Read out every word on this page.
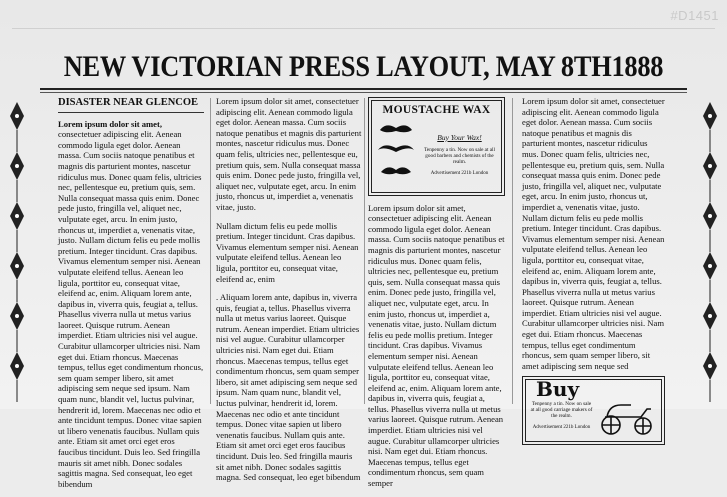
#D1451
NEW VICTORIAN PRESS LAYOUT, MAY 8TH1888
DISASTER NEAR GLENCOE

Lorem ipsum dolor sit amet, consectetuer adipiscing elit. Aenean commodo ligula eget dolor. Aenean massa. Cum sociis natoque penatibus et magnis dis parturient montes, nascetur ridiculus mus. Donec quam felis, ultricies nec, pellentesque eu, pretium quis, sem. Nulla consequat massa quis enim. Donec pede justo, fringilla vel, aliquet nec, vulputate eget, arcu. In enim justo, rhoncus ut, imperdiet a, venenatis vitae, justo. Nullam dictum felis eu pede mollis pretium. Integer tincidunt. Cras dapibus. Vivamus elementum semper nisi. Aenean vulputate eleifend tellus. Aenean leo ligula, porttitor eu, consequat vitae, eleifend ac, enim. Aliquam lorem ante, dapibus in, viverra quis, feugiat a, tellus. Phasellus viverra nulla ut metus varius laoreet. Quisque rutrum. Aenean imperdiet. Etiam ultricies nisi vel augue. Curabitur ullamcorper ultricies nisi. Nam eget dui. Etiam rhoncus. Maecenas tempus, tellus eget condimentum rhoncus, sem quam semper libero, sit amet adipiscing sem neque sed ipsum. Nam quam nunc, blandit vel, luctus pulvinar, hendrerit id, lorem. Maecenas nec odio et ante tincidunt tempus. Donec vitae sapien ut libero venenatis faucibus. Nullam quis ante. Etiam sit amet orci eget eros faucibus tincidunt. Duis leo. Sed fringilla mauris sit amet nibh. Donec sodales sagittis magna. Sed consequat, leo eget bibendum

Lorem ipsum dolor sit amet, consectetuer adipiscing elit. Aenean commodo ligula eget dolor. Aenean massa. Cum sociis natoque penatibus et magnis dis parturient montes, nascetur ridiculus mus. Donec quam felis, ultricies nec, pellentesque eu, pretium quis, sem. Nulla consequat massa quis enim. Donec pede justo, fringilla vel, aliquet nec, vulputate eget, arcu. In enim justo, rhoncus ut, imperdiet a, venenatis vitae, justo.

Nullam dictum felis eu pede mollis pretium. Integer tincidunt. Cras dapibus. Vivamus elementum semper nisi. Aenean vulputate eleifend tellus. Aenean leo ligula, porttitor eu, consequat vitae, eleifend ac, enim

. Aliquam lorem ante, dapibus in, viverra quis, feugiat a, tellus. Phasellus viverra nulla ut metus varius laoreet. Quisque rutrum. Aenean imperdiet. Etiam ultricies nisi vel augue. Curabitur ullamcorper ultricies nisi. Nam eget dui. Etiam rhoncus. Maecenas tempus, tellus eget condimentum rhoncus, sem quam semper libero, sit amet adipiscing sem neque sed ipsum. Nam quam nunc, blandit vel, luctus pulvinar, hendrerit id, lorem. Maecenas nec odio et ante tincidunt tempus. Donec vitae sapien ut libero venenatis faucibus. Nullam quis ante. Etiam sit amet orci eget eros faucibus tincidunt. Duis leo. Sed fringilla mauris sit amet nibh. Donec sodales sagittis magna. Sed consequat, leo eget bibendum

MOUSTACHE WAX
Buy Your Wax!
Tenpenny a tin. Now on sale at all good barbers and chemists of the realm.
Advertisement 221b London

Lorem ipsum dolor sit amet, consectetuer adipiscing elit. Aenean commodo ligula eget dolor. Aenean massa. Cum sociis natoque penatibus et magnis dis parturient montes, nascetur ridiculus mus. Donec quam felis, ultricies nec, pellentesque eu, pretium quis, sem. Nulla consequat massa quis enim. Donec pede justo, fringilla vel, aliquet nec, vulputate eget, arcu. In enim justo, rhoncus ut, imperdiet a, venenatis vitae, justo. Nullam dictum felis eu pede mollis pretium. Integer tincidunt. Cras dapibus. Vivamus elementum semper nisi. Aenean vulputate eleifend tellus. Aenean leo ligula, porttitor eu, consequat vitae, eleifend ac, enim. Aliquam lorem ante, dapibus in, viverra quis, feugiat a, tellus. Phasellus viverra nulla ut metus varius laoreet. Quisque rutrum. Aenean imperdiet. Etiam ultricies nisi vel augue. Curabitur ullamcorper ultricies nisi. Nam eget dui. Etiam rhoncus. Maecenas tempus, tellus eget condimentum rhoncus, sem quam semper

Lorem ipsum dolor sit amet, consectetuer adipiscing elit. Aenean commodo ligula eget dolor. Aenean massa. Cum sociis natoque penatibus et magnis dis parturient montes, nascetur ridiculus mus. Donec quam felis, ultricies nec, pellentesque eu, pretium quis, sem. Nulla consequat massa quis enim. Donec pede justo, fringilla vel, aliquet nec, vulputate eget, arcu. In enim justo, rhoncus ut, imperdiet a, venenatis vitae, justo. Nullam dictum felis eu pede mollis pretium. Integer tincidunt. Cras dapibus. Vivamus elementum semper nisi. Aenean vulputate eleifend tellus. Aenean leo ligula, porttitor eu, consequat vitae, eleifend ac, enim. Aliquam lorem ante, dapibus in, viverra quis, feugiat a, tellus. Phasellus viverra nulla ut metus varius laoreet. Quisque rutrum. Aenean imperdiet. Etiam ultricies nisi vel augue. Curabitur ullamcorper ultricies nisi. Nam eget dui. Etiam rhoncus. Maecenas tempus, tellus eget condimentum rhoncus, sem quam semper libero, sit amet adipiscing sem neque sed

Buy
Tenpenny a tin. Now on sale at all good carriage makers of the realm.
Advertisement 221b London
